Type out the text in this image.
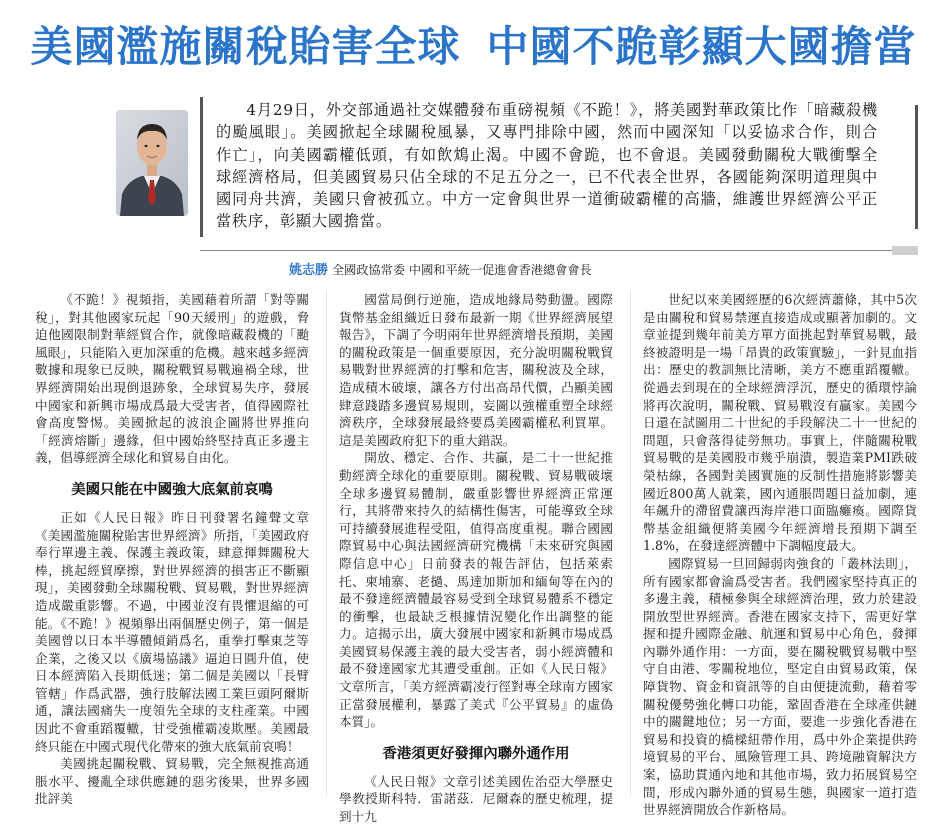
美國濫施關稅貽害全球 中國不跪彰顯大國擔當
4月29日，外交部通過社交媒體發布重磅視頻《不跪！》，將美國對華政策比作「暗藏殺機的颱風眼」。美國掀起全球關稅風暴，又專門排除中國，然而中國深知「以妥協求合作，則合作亡」，向美國霸權低頭，有如飲鴆止渴。中國不會跪，也不會退。美國發動關稅大戰衝擊全球經濟格局，但美國貿易只佔全球的不足五分之一，已不代表全世界，各國能夠深明道理與中國同舟共濟，美國只會被孤立。中方一定會與世界一道衝破霸權的高牆，維護世界經濟公平正當秩序，彰顯大國擔當。
姚志勝 全國政協常委 中國和平統一促進會香港總會會長

《不跪！》視頻指，美國藉着所謂「對等關稅」，對其他國家玩起「90天緩刑」的遊戲，脅迫他國限制對華經貿合作，就像暗藏殺機的「颱風眼」，只能陷入更加深重的危機。越來越多經濟數據和現象已反映，關稅戰貿易戰遍禍全球，世界經濟開始出現倒退跡象，全球貿易失序，發展中國家和新興市場成爲最大受害者，值得國際社會高度警惕。美國掀起的波浪企圖將世界推向「經濟熔斷」邊緣，但中國始終堅持真正多邊主義，倡導經濟全球化和貿易自由化。

美國只能在中國強大底氣前哀鳴

正如《人民日報》昨日刊發署名鐘聲文章《美國濫施關稅貽害世界經濟》所指，「美國政府奉行單邊主義、保護主義政策，肆意揮舞關稅大棒，挑起經貿摩擦，對世界經濟的損害正不斷顯現」，美國發動全球關稅戰、貿易戰，對世界經濟造成嚴重影響。不過，中國並沒有畏懼退縮的可能。《不跪！》視頻舉出兩個歷史例子，第一個是美國曾以日本半導體傾銷爲名，重拳打擊東芝等企業，之後又以《廣場協議》逼迫日圓升值，使日本經濟陷入長期低迷；第二個是美國以「長臂管轄」作爲武器，強行肢解法國工業巨頭阿爾斯通，讓法國痛失一度領先全球的支柱產業。中國因此不會重蹈覆轍，甘受強權霸凌欺壓。美國最終只能在中國式現代化帶來的強大底氣前哀鳴！

美國挑起關稅戰、貿易戰，完全無視推高通脹水平、擾亂全球供應鏈的惡劣後果，世界多國批評美

國當局倒行逆施，造成地緣局勢動盪。國際貨幣基金組織近日發布最新一期《世界經濟展望報告》，下調了今明兩年世界經濟增長預期，美國的關稅政策是一個重要原因，充分說明關稅戰貿易戰對世界經濟的打擊和危害，關稅波及全球，造成積木破壞，讓各方付出高昂代價，凸顯美國肆意踐踏多邊貿易規則，妄圖以強權重塑全球經濟秩序，全球發展最終要爲美國霸權私利買單。這是美國政府犯下的重大錯誤。

開放、穩定、合作、共贏，是二十一世紀推動經濟全球化的重要原則。關稅戰、貿易戰破壞全球多邊貿易體制，嚴重影響世界經濟正常運行，其將帶來持久的結構性傷害，可能導致全球可持續發展進程受阻，值得高度重視。聯合國國際貿易中心與法國經濟研究機構「未來研究與國際信息中心」日前發表的報告評估，包括萊索托、柬埔寨、老撾、馬達加斯加和緬甸等在內的最不發達經濟體最容易受到全球貿易體系不穩定的衝擊，也最缺乏根據情況變化作出調整的能力。這揭示出，廣大發展中國家和新興市場成爲美國貿易保護主義的最大受害者，弱小經濟體和最不發達國家尤其遭受重創。正如《人民日報》文章所言，「美方經濟霸凌行徑對專全球南方國家正當發展權利，暴露了美式『公平貿易』的虛偽本質」。

香港須更好發揮內聯外通作用

《人民日報》文章引述美國佐治亞大學歷史學教授斯科特．雷諾茲．尼爾森的歷史梳理，提到十九

世紀以來美國經歷的6次經濟蕭條，其中5次是由關稅和貿易禁運直接造成或顯著加劇的。文章並提到幾年前美方單方面挑起對華貿易戰，最終被證明是一場「昂貴的政策實驗」，一針見血指出：歷史的教訓無比清晰，美方不應重蹈覆轍。從過去到現在的全球經濟浮沉，歷史的循環悖論將再次說明，關稅戰、貿易戰沒有贏家。美國今日還在試圖用二十世紀的手段解決二十一世紀的問題，只會落得徒勞無功。事實上，伴隨關稅戰貿易戰的是美國股市幾乎崩潰，製造業PMI跌破榮枯線，各國對美國實施的反制性措施將影響美國近800萬人就業，國內通脹問題日益加劇，連年飆升的滯留費讓西海岸港口面臨癱瘓。國際貨幣基金組織便將美國今年經濟增長預期下調至1.8%，在發達經濟體中下調幅度最大。

國際貿易一旦回歸弱肉強食的「叢林法則」，所有國家都會淪爲受害者。我們國家堅持真正的多邊主義，積極參與全球經濟治理，致力於建設開放型世界經濟。香港在國家支持下，需更好掌握和提升國際金融、航運和貿易中心角色，發揮內聯外通作用：一方面，要在關稅戰貿易戰中堅守自由港、零關稅地位，堅定自由貿易政策，保障貨物、資金和資訊等的自由便捷流動，藉着零關稅優勢強化轉口功能，鞏固香港在全球產供鏈中的關鍵地位；另一方面，要進一步強化香港在貿易和投資的橋樑紐帶作用，爲中外企業提供跨境貿易的平台、風險管理工具、跨境融資解決方案，協助貫通內地和其他市場，致力拓展貿易空間，形成內聯外通的貿易生態，與國家一道打造世界經濟開放合作新格局。
